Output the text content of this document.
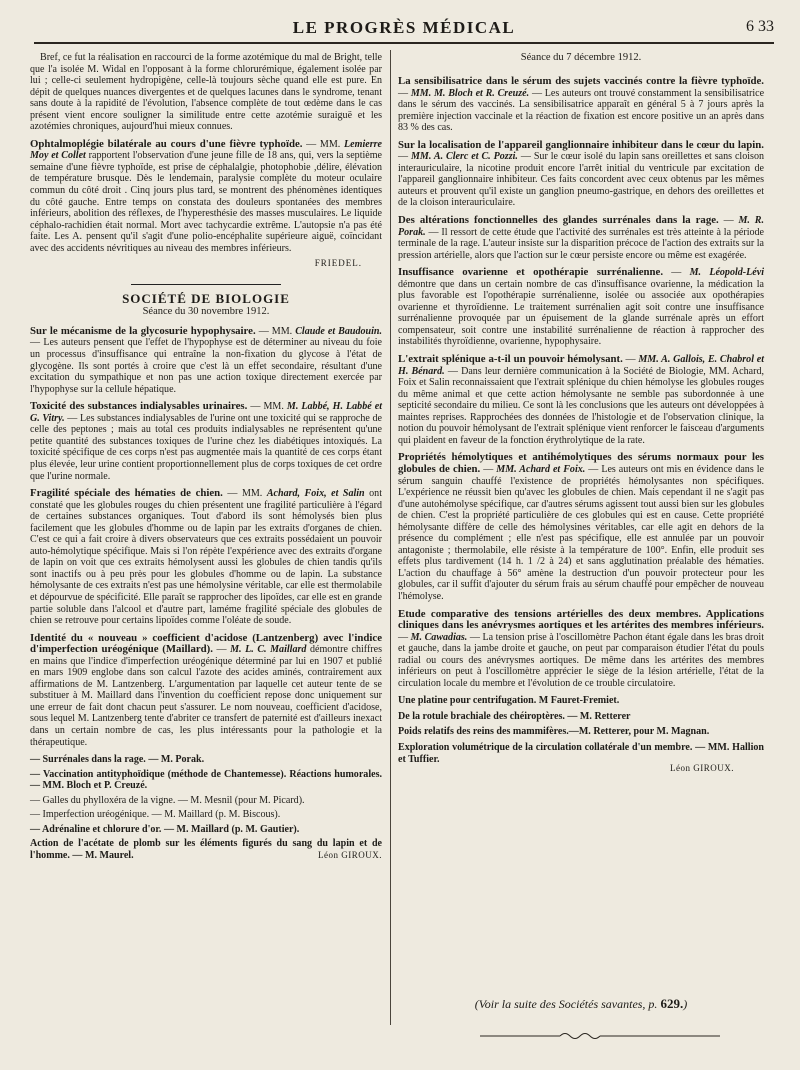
LE PROGRÈS MÉDICAL	6 33

Bref, ce fut la réalisation en raccourci de la forme azotémique du mal de Bright, telle que l'a isolée M. Widal en l'opposant à la forme chlorurémique, également isolée par lui ; celle-ci seulement hydropigène, celle-là toujours sèche quand elle est pure. En dépit de quelques nuances divergentes et de quelques lacunes dans le syndrome, tenant sans doute à la rapidité de l'évolution, l'absence complète de tout œdème dans le cas présent vient encore souligner la similitude entre cette azotémie suraiguë et les azotémies chroniques, aujourd'hui mieux connues.

Ophtalmoplégie bilatérale au cours d'une fièvre typhoïde. — MM. Lemierre Moy et Collet rapportent l'observation d'une jeune fille de 18 ans, qui, vers la septième semaine d'une fièvre typhoïde, est prise de céphalalgie, photophobie ,délire, élévation de température brusque. Dès le lendemain, paralysie complète du moteur oculaire commun du côté droit . Cinq jours plus tard, se montrent des phénomènes identiques du côté gauche. Entre temps on constata des douleurs spontanées des membres inférieurs, abolition des réflexes, de l'hyperesthésie des masses musculaires. Le liquide céphalo-rachidien était normal. Mort avec tachycardie extrême. L'autopsie n'a pas été faite. Les A. pensent qu'il s'agit d'une polio-encéphalite supérieure aiguë, coïncidant avec des accidents névritiques au niveau des membres inférieurs.

FRIEDEL.
SOCIÉTÉ DE BIOLOGIE
Séance du 30 novembre 1912.

Sur le mécanisme de la glycosurie hypophysaire. — MM. Claude et Baudouin. — Les auteurs pensent que l'effet de l'hypophyse est de déterminer au niveau du foie un processus d'insuffisance qui entraîne la non-fixation du glycose à l'état de glycogène. Ils sont portés à croire que c'est là un effet secondaire, résultant d'une excitation du sympathique et non pas une action toxique directement exercée par l'hypophyse sur la cellule hépatique.

Toxicité des substances indialysables urinaires. — MM. M. Labbé, H. Labbé et G. Vitry. — Les substances indialysables de l'urine ont une toxicité qui se rapproche de celle des peptones ; mais au total ces produits indialysables ne représentent qu'une petite quantité des substances toxiques de l'urine chez les diabétiques intoxiqués. La toxicité spécifique de ces corps n'est pas augmentée mais la quantité de ces corps étant plus élevée, leur urine contient proportionnellement plus de corps toxiques de cet ordre que l'urine normale.

Fragilité spéciale des hématies de chien. — MM. Achard, Foix, et Salin ont constaté que les globules rouges du chien présentent une fragilité particulière à l'égard de certaines substances organiques. Tout d'abord ils sont hémolysés bien plus facilement que les globules d'homme ou de lapin par les extraits d'organes de chien. C'est ce qui a fait croire à divers observateurs que ces extraits possédaient un pouvoir auto-hémolytique spécifique. Mais si l'on répète l'expérience avec des extraits d'organe de lapin on voit que ces extraits hémolysent aussi les globules de chien tandis qu'ils sont inactifs ou à peu près pour les globules d'homme ou de lapin. La substance hémolysante de ces extraits n'est pas une hémolysine véritable, car elle est thermolabile et dépourvue de spécificité. Elle paraît se rapprocher des lipoïdes, car elle est en grande partie soluble dans l'alcool et d'autre part, laméme fragilité spéciale des globules de chien se retrouve pour certains lipoïdes comme l'oléate de soude.

Identité du « nouveau » coefficient d'acidose (Lantzenberg) avec l'indice d'imperfection uréogénique (Maillard). — M. L. C. Maillard démontre chiffres en mains que l'indice d'imperfection uréogénique déterminé par lui en 1907 et publié en mars 1909 englobe dans son calcul l'azote des acides aminés, contrairement aux affirmations de M. Lantzenberg. L'argumentation par laquelle cet auteur tente de se substituer à M. Maillard dans l'invention du coefficient repose donc uniquement sur une erreur de fait dont chacun peut s'assurer. Le nom nouveau, coefficient d'acidose, sous lequel M. Lantzenberg tente d'abriter ce transfert de paternité est d'ailleurs inexact dans un certain nombre de cas, les plus intéressants pour la pathologie et la thérapeutique.

— Surrénales dans la rage. — M. Porak.

— Vaccination antityphoïdique (méthode de Chantemesse). Réactions humorales.— MM. Bloch et P. Creuzé.

— Galles du phylloxéra de la vigne. — M. Mesnil (pour M. Picard).

— Imperfection uréogénique. — M. Maillard (p. M. Biscous).

— Adrénaline et chlorure d'or. — M. Maillard (p. M. Gautier).

Action de l'acétate de plomb sur les éléments figurés du sang du lapin et de l'homme. — M. Maurel.	Léon GIROUX.

Séance du 7 décembre 1912.

La sensibilisatrice dans le sérum des sujets vaccinés contre la fièvre typhoïde. — MM. M. Bloch et R. Creuzé. — Les auteurs ont trouvé constamment la sensibilisatrice dans le sérum des vaccinés. La sensibilisatrice apparaît en général 5 à 7 jours après la première injection vaccinale et la réaction de fixation est encore positive un an après dans 83 % des cas.

Sur la localisation de l'appareil ganglionnaire inhibiteur dans le cœur du lapin. — MM. A. Clerc et C. Pozzi. — Sur le cœur isolé du lapin sans oreillettes et sans cloison interauriculaire, la nicotine produit encore l'arrêt initial du ventricule par excitation de l'appareil ganglionnaire inhibiteur. Ces faits concordent avec ceux obtenus par les mêmes auteurs et prouvent qu'il existe un ganglion pneumo-gastrique, en dehors des oreillettes et de la cloison interauriculaire.

Des altérations fonctionnelles des glandes surrénales dans la rage. — M. R. Porak. — Il ressort de cette étude que l'activité des surrénales est très atteinte à la période terminale de la rage. L'auteur insiste sur la disparition précoce de l'action des extraits sur la pression artérielle, alors que l'action sur le cœur persiste encore ou même est exagérée.

Insuffisance ovarienne et opothérapie surrénalienne. — M. Léopold-Lévi démontre que dans un certain nombre de cas d'insuffisance ovarienne, la médication la plus favorable est l'opothérapie surrénalienne, isolée ou associée aux opothérapies ovarienne et thyroïdienne. Le traitement surrénalien agit soit contre une insuffisance surrénalienne provoquée par un épuisement de la glande surrénale après un effort compensateur, soit contre une instabilité surrénalienne de réaction à rapprocher des instabilités thyroïdienne, ovarienne, hypophysaire.

L'extrait splénique a-t-il un pouvoir hémolysant. — MM. A. Gallois, E. Chabrol et H. Bénard. — Dans leur dernière communication à la Société de Biologie, MM. Achard, Foix et Salin reconnaissaient que l'extrait splénique du chien hémolyse les globules rouges du même animal et que cette action hémolysante ne semble pas subordonnée à une septicité secondaire du milieu. Ce sont là les conclusions que les auteurs ont développées à maintes reprises. Rapprochées des données de l'histologie et de l'observation clinique, la notion du pouvoir hémolysant de l'extrait splénique vient renforcer le faisceau d'arguments qui plaident en faveur de la fonction érythrolytique de la rate.

Propriétés hémolytiques et antihémolytiques des sérums normaux pour les globules de chien. — MM. Achard et Foix. — Les auteurs ont mis en évidence dans le sérum sanguin chauffé l'existence de propriétés hémolysantes non spécifiques. L'expérience ne réussit bien qu'avec les globules de chien. Mais cependant il ne s'agit pas d'une autohémolyse spécifique, car d'autres sérums agissent tout aussi bien sur les globules de chien. C'est la propriété particulière de ces globules qui est en cause. Cette propriété hémolysante diffère de celle des hémolysines véritables, car elle agit en dehors de la présence du complément ; elle n'est pas spécifique, elle est annulée par un pouvoir antagoniste ; thermolabile, elle résiste à la température de 100°. Enfin, elle produit ses effets plus tardivement (14 h. 1 /2 à 24) et sans agglutination préalable des hématies. L'action du chauffage à 56° amène la destruction d'un pouvoir protecteur pour les globules, car il suffit d'ajouter du sérum frais au sérum chauffé pour empêcher de nouveau l'hémolyse.

Etude comparative des tensions artérielles des deux membres. Applications cliniques dans les anévrysmes aortiques et les artérites des membres inférieurs. — M. Cawadias. — La tension prise à l'oscillomètre Pachon étant égale dans les bras droit et gauche, dans la jambe droite et gauche, on peut par comparaison étudier l'état du pouls radial ou cours des anévrysmes aortiques. De même dans les artérites des membres inférieurs on peut à l'oscillomètre apprécier le siège de la lésion artérielle, l'état de la circulation locale du membre et l'évolution de ce trouble circulatoire.

Une platine pour centrifugation. M Fauret-Fremiet.

De la rotule brachiale des chéiroptères. — M. Retterer

Poids relatifs des reins des mammifères.—M. Retterer, pour M. Magnan.

Exploration volumétrique de la circulation collatérale d'un membre. — MM. Hallion et Tuffier.

Léon GIROUX.
(Voir la suite des Sociétés savantes, p. 629.)
